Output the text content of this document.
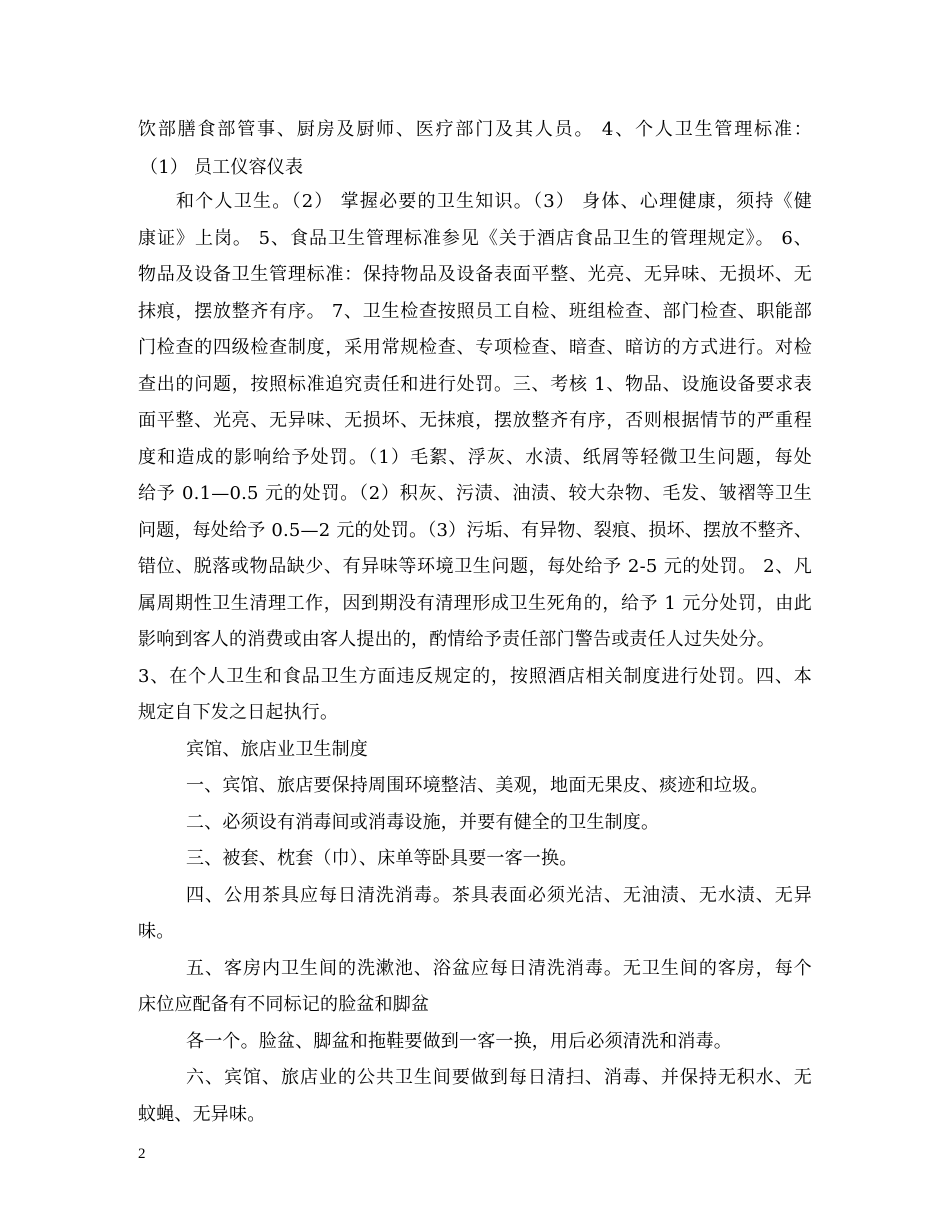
饮部膳食部管事、厨房及厨师、医疗部门及其人员。 4、个人卫生管理标准：
（1） 员工仪容仪表
和个人卫生。（2） 掌握必要的卫生知识。（3） 身体、心理健康，须持《健
康证》上岗。 5、食品卫生管理标准参见《关于酒店食品卫生的管理规定》。 6、
物品及设备卫生管理标准：保持物品及设备表面平整、光亮、无异味、无损坏、无
抹痕，摆放整齐有序。 7、卫生检查按照员工自检、班组检查、部门检查、职能部
门检查的四级检查制度，采用常规检查、专项检查、暗查、暗访的方式进行。对检
查出的问题，按照标准追究责任和进行处罚。三、考核 1、物品、设施设备要求表
面平整、光亮、无异味、无损坏、无抹痕，摆放整齐有序，否则根据情节的严重程
度和造成的影响给予处罚。（1）毛絮、浮灰、水渍、纸屑等轻微卫生问题，每处
给予 0.1—0.5 元的处罚。（2）积灰、污渍、油渍、较大杂物、毛发、皱褶等卫生
问题，每处给予 0.5—2 元的处罚。（3）污垢、有异物、裂痕、损坏、摆放不整齐、
错位、脱落或物品缺少、有异味等环境卫生问题，每处给予 2-5 元的处罚。 2、凡
属周期性卫生清理工作，因到期没有清理形成卫生死角的，给予 1 元分处罚，由此
影响到客人的消费或由客人提出的，酌情给予责任部门警告或责任人过失处分。
3、在个人卫生和食品卫生方面违反规定的，按照酒店相关制度进行处罚。四、本
规定自下发之日起执行。
宾馆、旅店业卫生制度
一、宾馆、旅店要保持周围环境整洁、美观，地面无果皮、痰迹和垃圾。
二、必须设有消毒间或消毒设施，并要有健全的卫生制度。
三、被套、枕套（巾）、床单等卧具要一客一换。
四、公用茶具应每日清洗消毒。茶具表面必须光洁、无油渍、无水渍、无异
味。
五、客房内卫生间的洗漱池、浴盆应每日清洗消毒。无卫生间的客房，每个
床位应配备有不同标记的脸盆和脚盆
各一个。脸盆、脚盆和拖鞋要做到一客一换，用后必须清洗和消毒。
六、宾馆、旅店业的公共卫生间要做到每日清扫、消毒、并保持无积水、无
蚊蝇、无异味。
2
